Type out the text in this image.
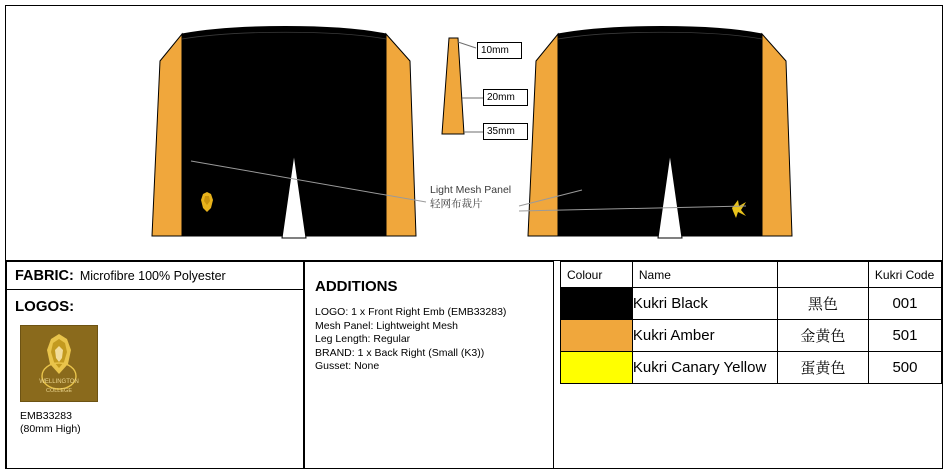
10mm
20mm
35mm
Light Mesh Panel
轻网布裁片
FABRIC: Microfibre 100% Polyester
LOGOS:
WELLINGTON
COLLEGE
EMB33283
(80mm High)
ADDITIONS
LOGO: 1 x Front Right Emb (EMB33283)
Mesh Panel: Lightweight Mesh
Leg Length: Regular
BRAND: 1 x Back Right (Small (K3))
Gusset: None
Colour	Name		Kukri Code
	Kukri Black	黑色	001
	Kukri Amber	金黄色	501
	Kukri Canary Yellow	蛋黄色	500
